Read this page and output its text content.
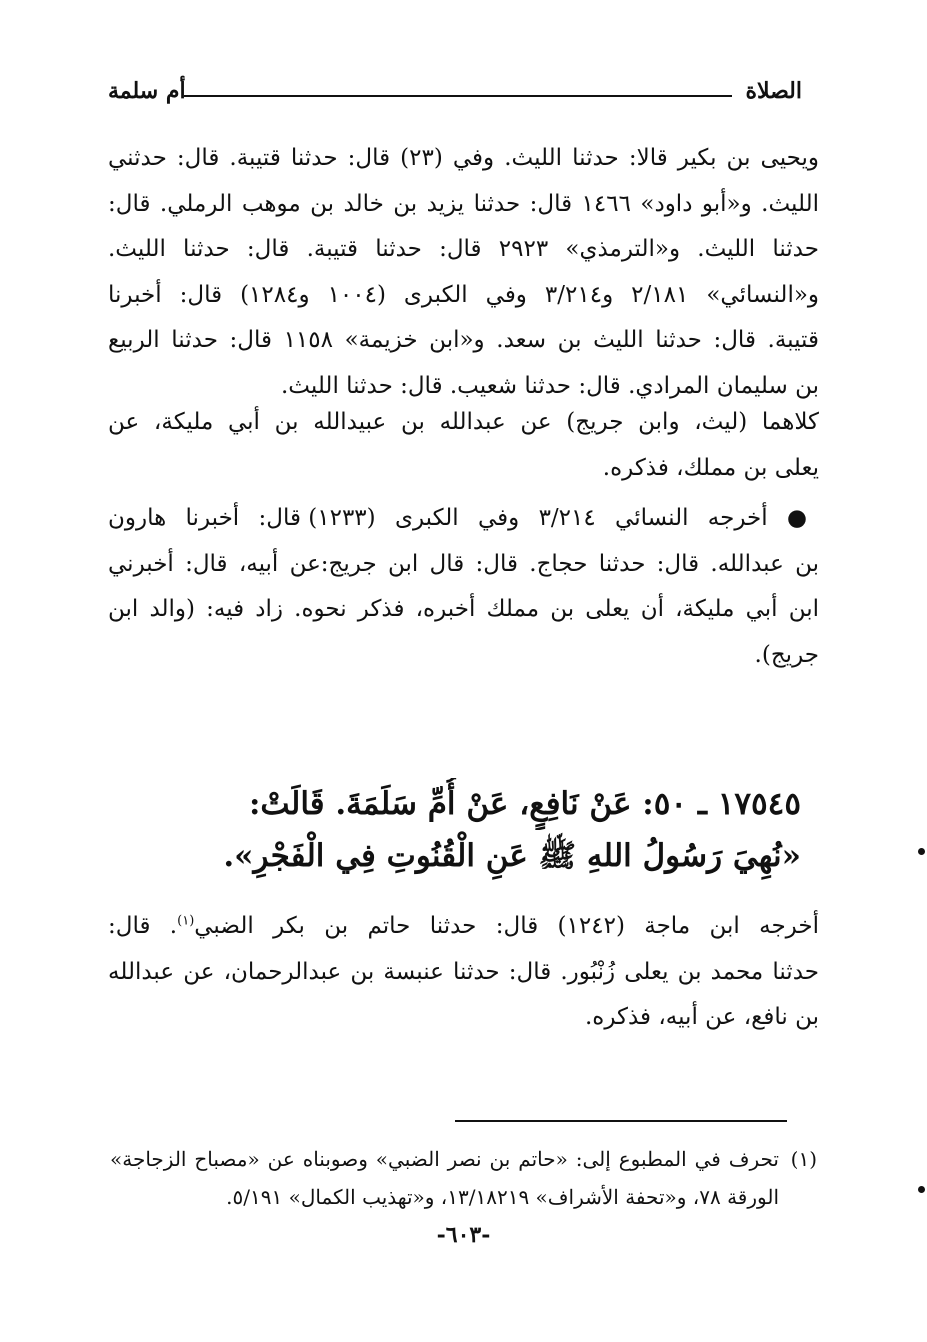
الصلاة
أم سلمة
ويحيى بن بكير قالا: حدثنا الليث. وفي (٢٣) قال: حدثنا قتيبة. قال: حدثني
الليث. و«أبو داود» ١٤٦٦ قال: حدثنا يزيد بن خالد بن موهب الرملي. قال:
حدثنا الليث. و«الترمذي» ٢٩٢٣ قال: حدثنا قتيبة. قال: حدثنا الليث.
و«النسائي» ٢/١٨١ و٣/٢١٤ وفي الكبرى (١٠٠٤ و١٢٨٤) قال: أخبرنا
قتيبة. قال: حدثنا الليث بن سعد. و«ابن خزيمة» ١١٥٨ قال: حدثنا الربيع
بن سليمان المرادي. قال: حدثنا شعيب. قال: حدثنا الليث.
كلاهما (ليث، وابن جريج) عن عبدالله بن عبيدالله بن أبي مليكة، عن
يعلى بن مملك، فذكره.
● أخرجه النسائي ٣/٢١٤ وفي الكبرى (١٢٣٣) قال: أخبرنا هارون
بن عبدالله. قال: حدثنا حجاج. قال: قال ابن جريج:عن أبيه، قال: أخبرني
ابن أبي مليكة، أن يعلى بن مملك أخبره، فذكر نحوه. زاد فيه: (والد ابن
جريج).
١٧٥٤٥ ـ ٥٠: عَنْ نَافِعٍ، عَنْ أُمِّ سَلَمَةَ. قَالَتْ:
«نُهِيَ رَسُولُ اللهِ ﷺ عَنِ الْقُنُوتِ فِي الْفَجْرِ».
أخرجه ابن ماجة (١٢٤٢) قال: حدثنا حاتم بن بكر الضبي$^{(١)}$. قال:
حدثنا محمد بن يعلى زُنْبُور. قال: حدثنا عنبسة بن عبدالرحمان، عن عبدالله
بن نافع، عن أبيه، فذكره.
(١)
تحرف في المطبوع إلى: «حاتم بن نصر الضبي» وصوبناه عن «مصباح الزجاجة»
الورقة ٧٨، و«تحفة الأشراف» ١٣/١٨٢١٩، و«تهذيب الكمال» ٥/١٩١.
-٦٠٣-
